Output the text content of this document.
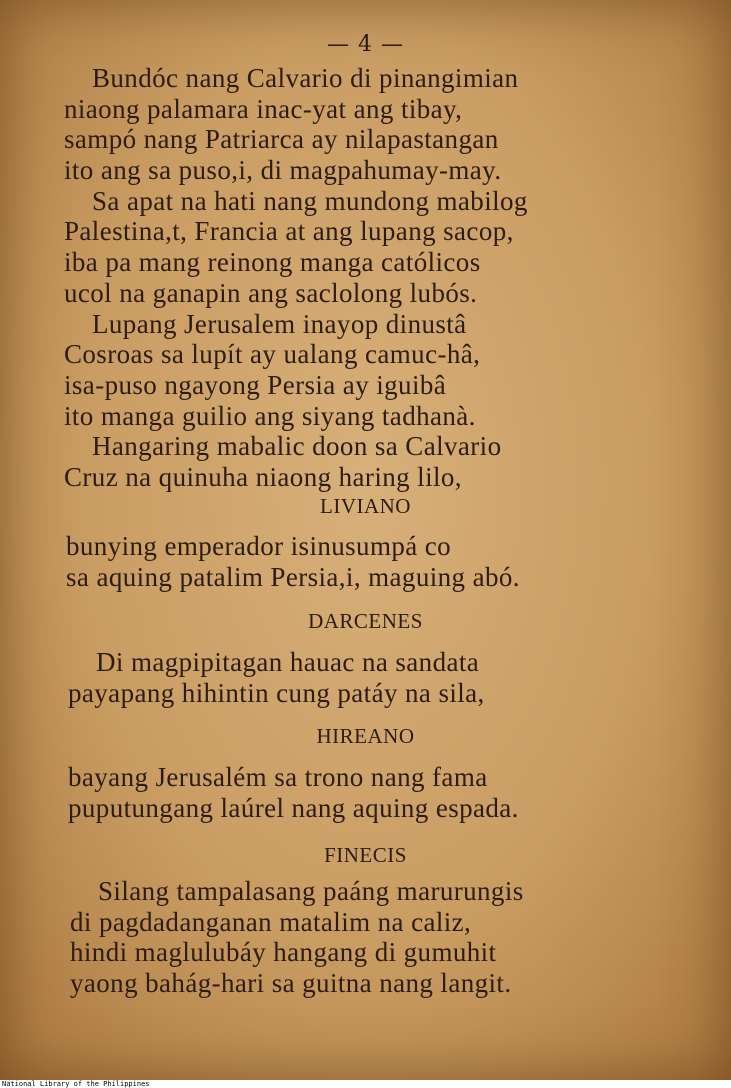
— 4 —
Bundóc nang Calvario di pinangimian
niaong palamara inac-yat ang tibay,
sampó nang Patriarca ay nilapastangan
ito ang sa puso,i, di magpahumay-may.
Sa apat na hati nang mundong mabilog
Palestina,t, Francia at ang lupang sacop,
iba pa mang reinong manga católicos
ucol na ganapin ang saclolong lubós.
Lupang Jerusalem inayop dinustâ
Cosroas sa lupít ay ualang camuc-hâ,
isa-puso ngayong Persia ay iguibâ
ito manga guilio ang siyang tadhanà.
Hangaring mabalic doon sa Calvario
Cruz na quinuha niaong haring lilo,
LIVIANO
bunying emperador isinusumpá co
sa aquing patalim Persia,i, maguing abó.
DARCENES
Di magpipitagan hauac na sandata
payapang hihintin cung patáy na sila,
HIREANO
bayang Jerusalém sa trono nang fama
puputungang laúrel nang aquing espada.
FINECIS
Silang tampalasang paáng marurungis
di pagdadanganan matalim na caliz,
hindi maglulubáy hangang di gumuhit
yaong bahág-hari sa guitna nang langit.
National Library of the Philippines
